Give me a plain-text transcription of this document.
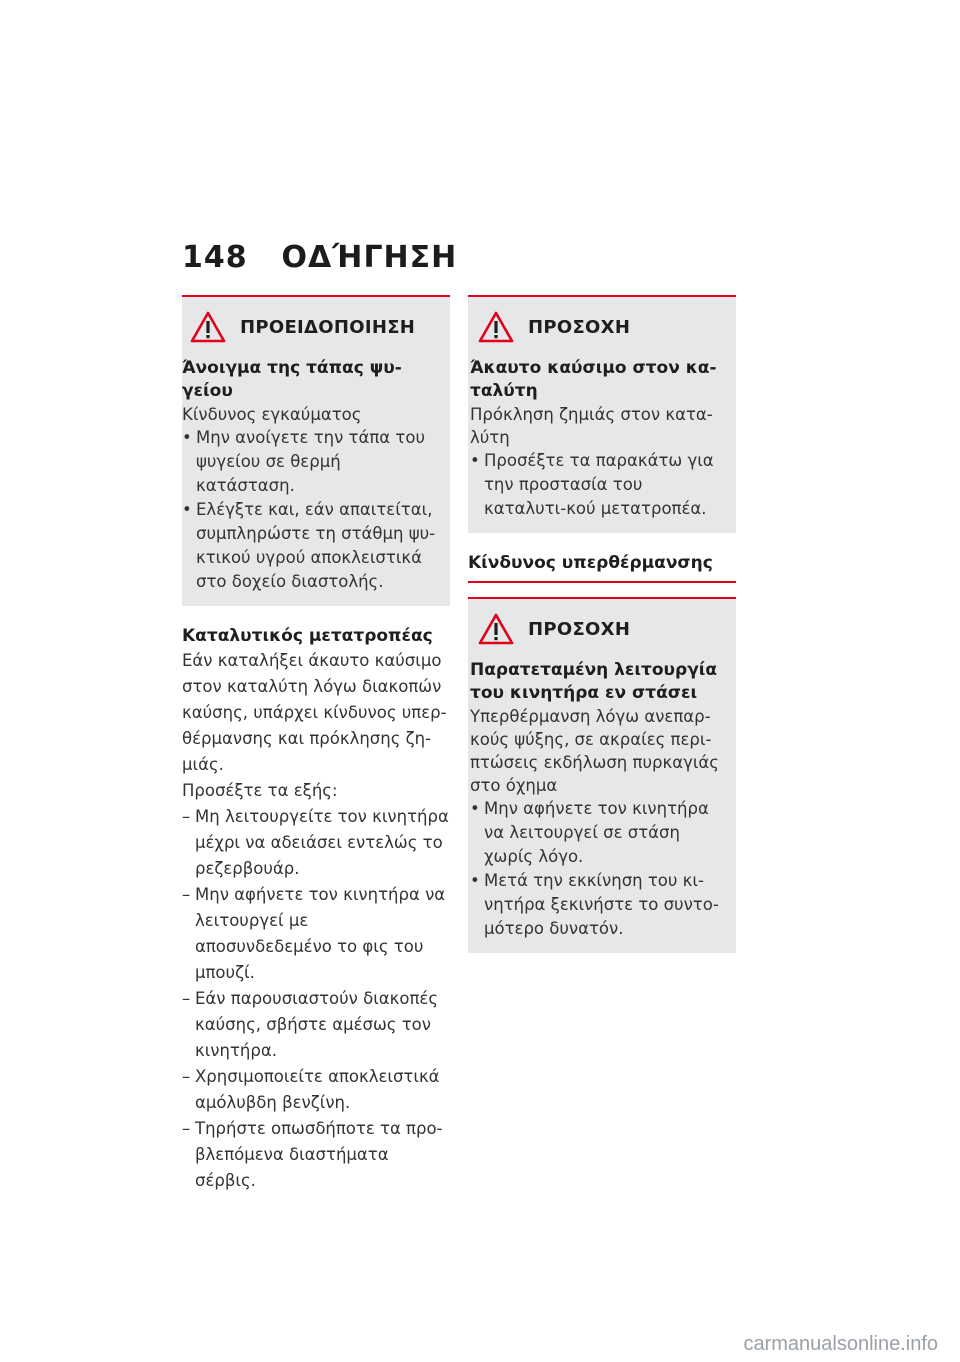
148 ΟΔΉΓΗΣΗ
ΠΡΟΕΙΔΟΠΟΙΗΣΗ
Άνοιγμα της τάπας ψυ-γείου
Κίνδυνος εγκαύματος
• Μην ανοίγετε την τάπα του ψυγείου σε θερμή κατάσταση.
• Ελέγξτε και, εάν απαιτείται, συμπληρώστε τη στάθμη ψυ-κτικού υγρού αποκλειστικά στο δοχείο διαστολής.
Καταλυτικός μετατροπέας

Εάν καταλήξει άκαυτο καύσιμο στον καταλύτη λόγω διακοπών καύσης, υπάρχει κίνδυνος υπερ-θέρμανσης και πρόκλησης ζη-μιάς.

Προσέξτε τα εξής:

– Μη λειτουργείτε τον κινητήρα μέχρι να αδειάσει εντελώς το ρεζερβουάρ.
– Μην αφήνετε τον κινητήρα να λειτουργεί με αποσυνδεδεμένο το φις του μπουζί.
– Εάν παρουσιαστούν διακοπές καύσης, σβήστε αμέσως τον κινητήρα.
– Χρησιμοποιείτε αποκλειστικά αμόλυβδη βενζίνη.
– Τηρήστε οπωσδήποτε τα προ-βλεπόμενα διαστήματα σέρβις.
ΠΡΟΣΟΧΗ
Άκαυτο καύσιμο στον κα-ταλύτη
Πρόκληση ζημιάς στον κατα-λύτη
• Προσέξτε τα παρακάτω για την προστασία του καταλυτι-κού μετατροπέα.
Κίνδυνος υπερθέρμανσης
ΠΡΟΣΟΧΗ
Παρατεταμένη λειτουργία του κινητήρα εν στάσει
Υπερθέρμανση λόγω ανεπαρ-κούς ψύξης, σε ακραίες περι-πτώσεις εκδήλωση πυρκαγιάς στο όχημα
• Μην αφήνετε τον κινητήρα να λειτουργεί σε στάση χωρίς λόγο.
• Μετά την εκκίνηση του κι-νητήρα ξεκινήστε το συντο-μότερο δυνατόν.
carmanualsonline.info
